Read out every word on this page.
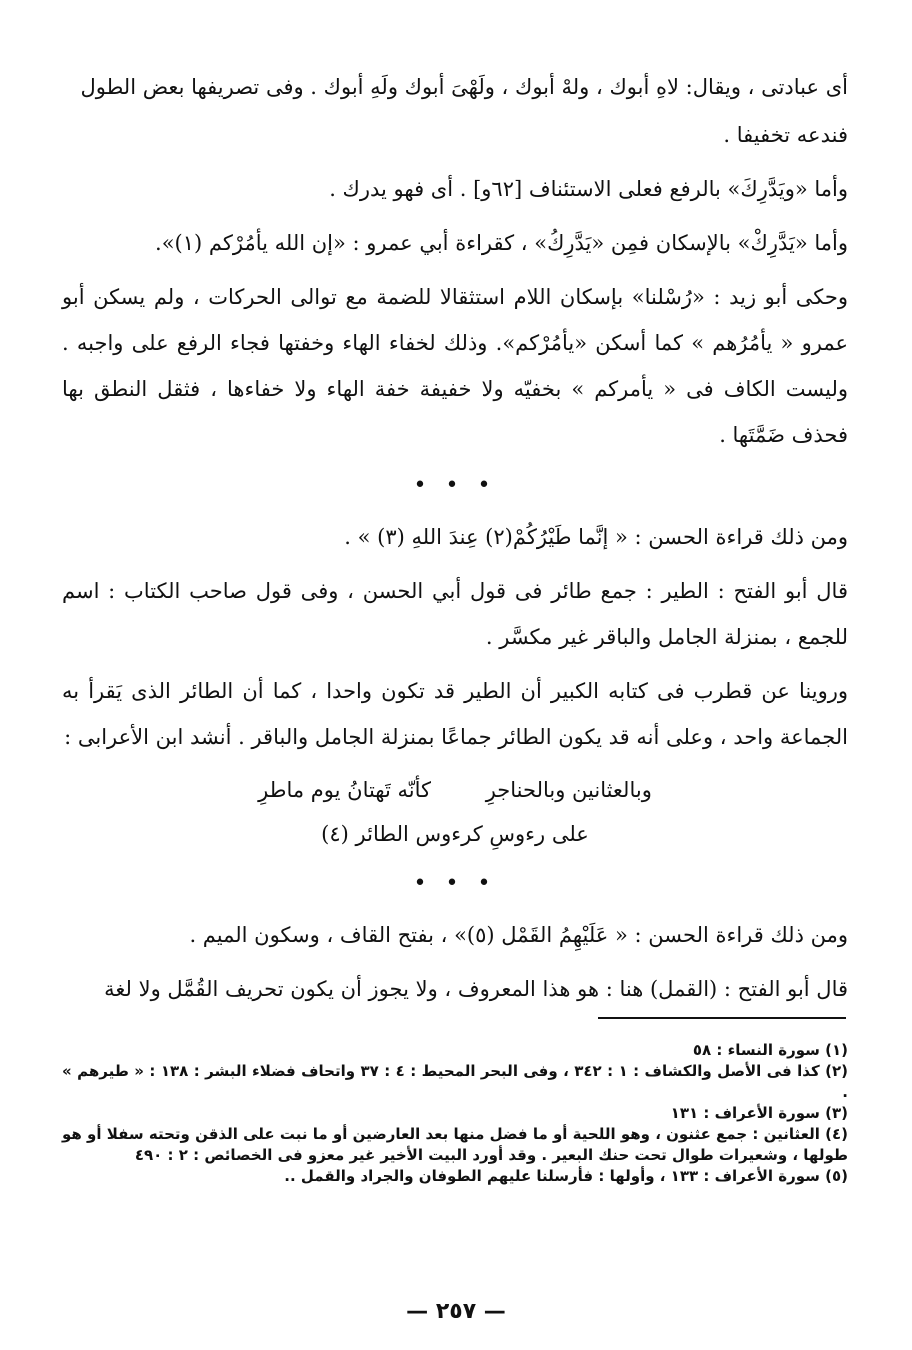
أى عبادتى ، ويقال: لاهِ أبوك ، ولهْ أبوك ، ولَهْىَ أبوك ولَهِ أبوك . وفى تصريفها بعض الطول

فندعه تخفيفا .

وأما «ويَدَّرِكَ» بالرفع فعلى الاستئناف [٦٢و] . أى فهو يدرك .

وأما «يَدَّرِكْ» بالإسكان فمِن «يَدَّرِكُ» ، كقراءة أبي عمرو : «إن الله يأمُرْكم (١)».

وحكى أبو زيد : «رُسْلنا» بإسكان اللام استثقالا للضمة مع توالى الحركات ، ولم يسكن أبو عمرو « يأمُرُهم » كما أسكن «يأمُرْكم». وذلك لخفاء الهاء وخفتها فجاء الرفع على واجبه . وليست الكاف فى « يأمركم » بخفيّه ولا خفيفة خفة الهاء ولا خفاءها ، فثقل النطق بها فحذف ضَمَّتَها .

• • •

ومن ذلك قراءة الحسن : « إنَّما طَيْرُكُمْ(٢) عِندَ اللهِ (٣) » .

قال أبو الفتح : الطير : جمع طائر فى قول أبي الحسن ، وفى قول صاحب الكتاب : اسم للجمع ، بمنزلة الجامل والباقر غير مكسَّر .

وروينا عن قطرب فى كتابه الكبير أن الطير قد تكون واحدا ، كما أن الطائر الذى يَقرأ به الجماعة واحد ، وعلى أنه قد يكون الطائر جماعًا بمنزلة الجامل والباقر . أنشد ابن الأعرابى :

وبالعثانين وبالحناجرِ كأنّه تَهتانُ يوم ماطرِ
على رءوسِ كرءوس الطائر (٤)

• • •

ومن ذلك قراءة الحسن : « عَلَيْهِمُ القَمْل (٥)» ، بفتح القاف ، وسكون الميم .

قال أبو الفتح : (القمل) هنا : هو هذا المعروف ، ولا يجوز أن يكون تحريف القُمَّل ولا لغة

(١) سورة النساء : ٥٨

(٢) كذا فى الأصل والكشاف : ١ : ٣٤٢ ، وفى البحر المحيط : ٤ : ٣٧ واتحاف فضلاء البشر : ١٣٨ : « طيرهم » .

(٣) سورة الأعراف : ١٣١

(٤) العثانين : جمع عثنون ، وهو اللحية أو ما فضل منها بعد العارضين أو ما نبت على الذقن وتحته سفلا أو هو طولها ، وشعيرات طوال تحت حنك البعير . وقد أورد البيت الأخير غير معزو فى الخصائص : ٢ : ٤٩٠

(٥) سورة الأعراف : ١٣٣ ، وأولها : فأرسلنا عليهم الطوفان والجراد والقمل ..

— ٢٥٧ —
